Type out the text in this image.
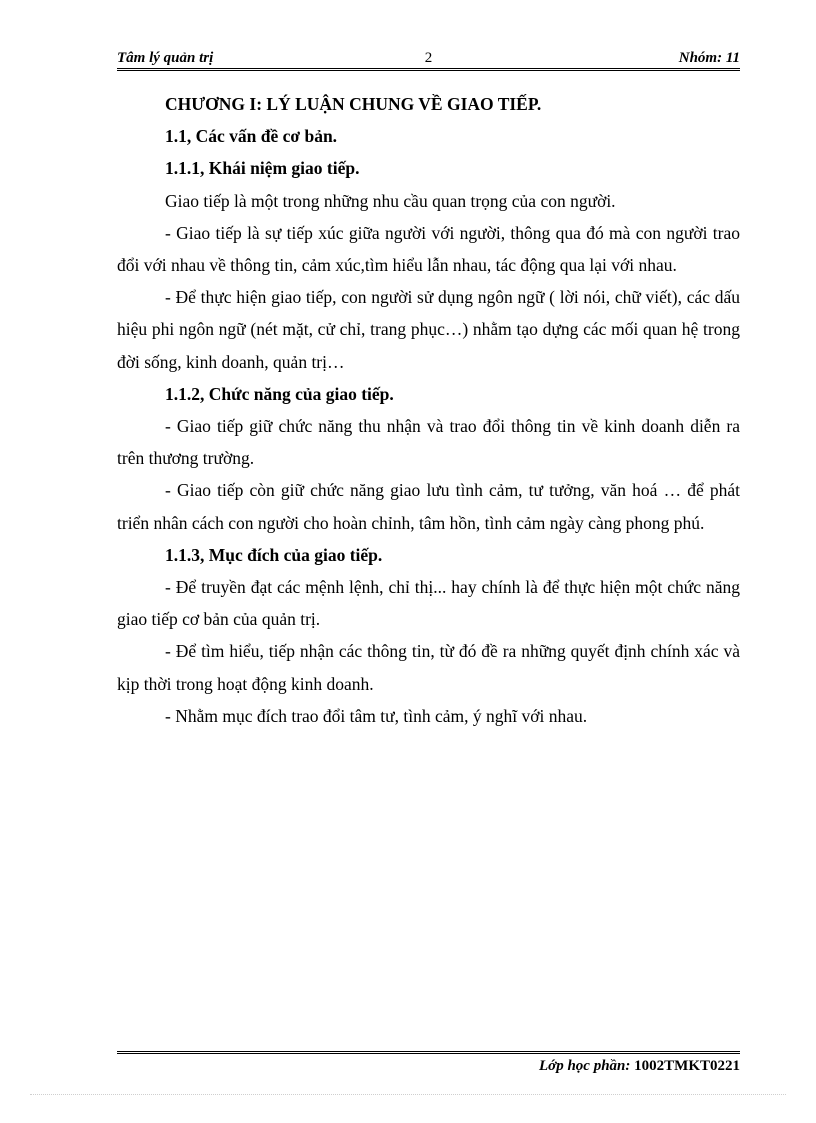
Tâm lý quản trị	2	Nhóm: 11

CHƯƠNG I: LÝ LUẬN CHUNG VỀ GIAO TIẾP.

1.1, Các vấn đề cơ bản.

1.1.1, Khái niệm giao tiếp.

Giao tiếp là một trong những nhu cầu quan trọng của con người.

- Giao tiếp là sự tiếp xúc giữa người với người, thông qua đó mà con người trao đổi với nhau về thông tin, cảm xúc,tìm hiểu lẫn nhau, tác động qua lại với nhau.

- Để thực hiện giao tiếp, con người sử dụng ngôn ngữ ( lời nói, chữ viết), các dấu hiệu phi ngôn ngữ (nét mặt, cử chỉ, trang phục…) nhằm tạo dựng các mối quan hệ trong đời sống, kinh doanh, quản trị…

1.1.2, Chức năng của giao tiếp.

- Giao tiếp giữ chức năng thu nhận và trao đổi thông tin về kinh doanh diễn ra trên thương trường.

- Giao tiếp còn giữ chức năng giao lưu tình cảm, tư tưởng, văn hoá … để phát triển nhân cách con người cho hoàn chỉnh, tâm hồn, tình cảm ngày càng phong phú.

1.1.3, Mục đích của giao tiếp.

- Để truyền đạt các mệnh lệnh, chỉ thị... hay chính là để thực hiện một chức năng giao tiếp cơ bản của quản trị.

- Để tìm hiểu, tiếp nhận các thông tin, từ đó đề ra những quyết định chính xác và kịp thời trong hoạt động kinh doanh.

- Nhằm mục đích trao đổi tâm tư, tình cảm, ý nghĩ với nhau.

Lớp học phần: 1002TMKT0221
